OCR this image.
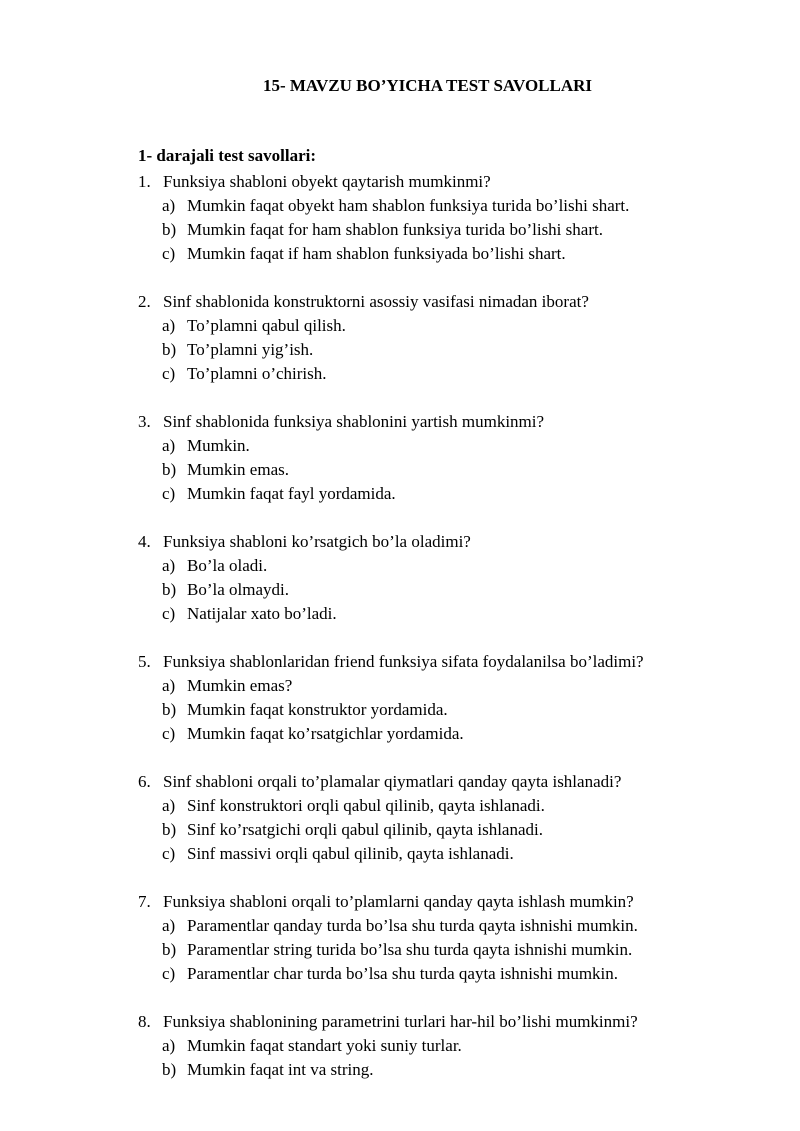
15- MAVZU BO’YICHA TEST SAVOLLARI
1- darajali test savollari:
1. Funksiya shabloni obyekt qaytarish mumkinmi?
a) Mumkin faqat obyekt ham shablon funksiya turida bo’lishi shart.
b) Mumkin faqat for ham shablon funksiya turida bo’lishi shart.
c) Mumkin faqat if ham shablon funksiyada bo’lishi shart.
2. Sinf shablonida konstruktorni asossiy vasifasi nimadan iborat?
a) To’plamni qabul qilish.
b) To’plamni yig’ish.
c) To’plamni o’chirish.
3. Sinf shablonida funksiya shablonini yartish mumkinmi?
a) Mumkin.
b) Mumkin emas.
c) Mumkin faqat fayl yordamida.
4. Funksiya shabloni ko’rsatgich bo’la oladimi?
a) Bo’la oladi.
b) Bo’la olmaydi.
c) Natijalar xato bo’ladi.
5. Funksiya shablonlaridan friend funksiya sifata foydalanilsa bo’ladimi?
a) Mumkin emas?
b) Mumkin faqat konstruktor yordamida.
c) Mumkin faqat ko’rsatgichlar yordamida.
6. Sinf shabloni orqali to’plamalar qiymatlari qanday qayta ishlanadi?
a) Sinf konstruktori orqli qabul qilinib, qayta ishlanadi.
b) Sinf ko’rsatgichi orqli qabul qilinib, qayta ishlanadi.
c) Sinf massivi orqli qabul qilinib, qayta ishlanadi.
7. Funksiya shabloni orqali to’plamlarni qanday qayta ishlash mumkin?
a) Paramentlar qanday turda bo’lsa shu turda qayta ishnishi mumkin.
b) Paramentlar string turida bo’lsa shu turda qayta ishnishi mumkin.
c) Paramentlar char turda bo’lsa shu turda qayta ishnishi mumkin.
8. Funksiya shablonining parametrini turlari har-hil bo’lishi mumkinmi?
a) Mumkin faqat standart yoki suniy turlar.
b) Mumkin faqat int va string.
